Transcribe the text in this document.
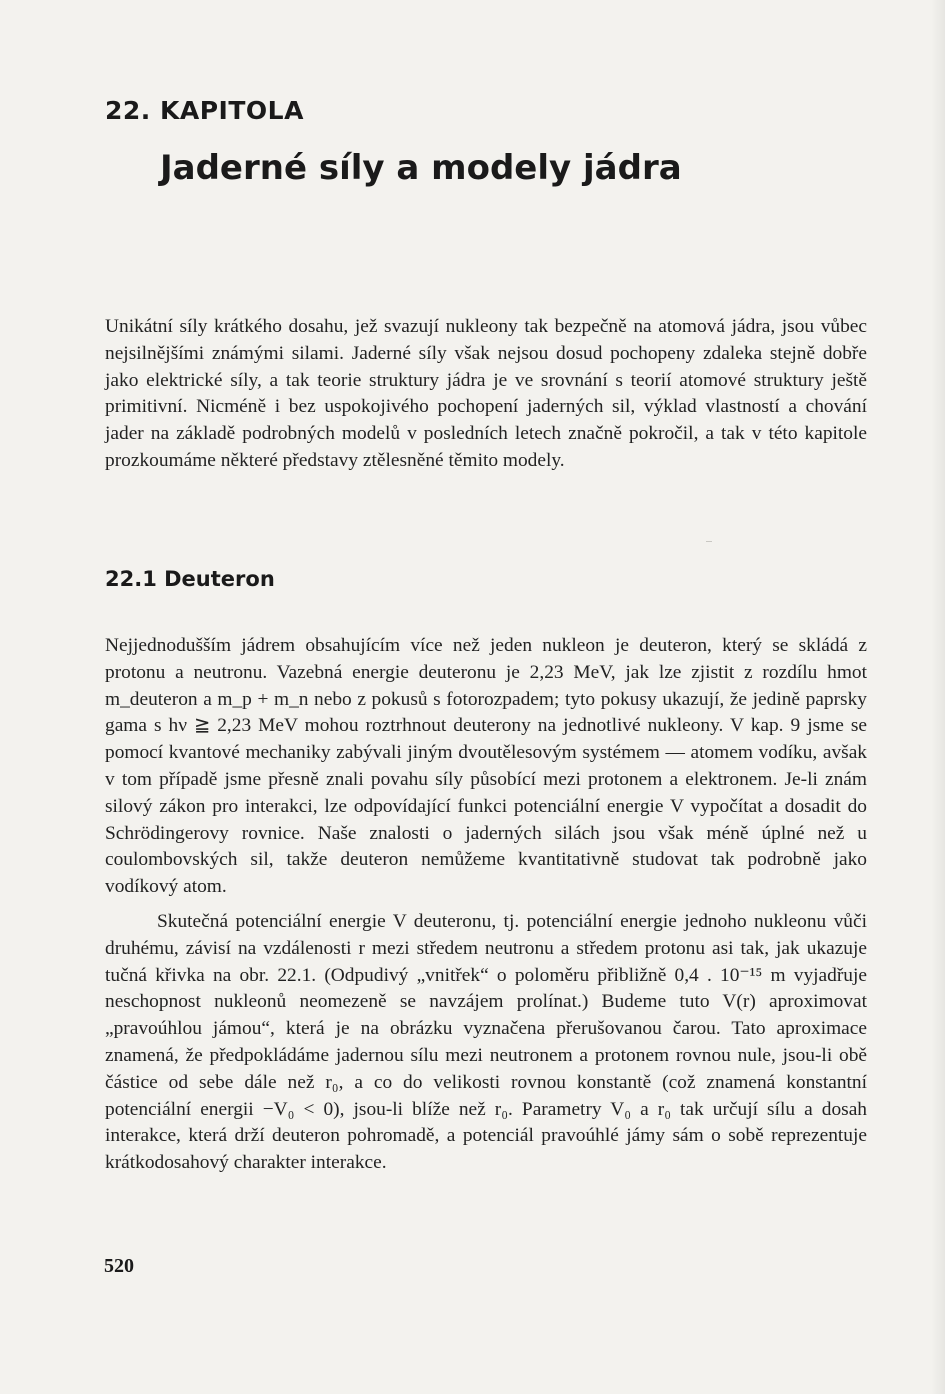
22. KAPITOLA
Jaderné síly a modely jádra

Unikátní síly krátkého dosahu, jež svazují nukleony tak bezpečně na atomová jádra, jsou vůbec nejsilnějšími známými silami. Jaderné síly však nejsou dosud pochopeny zdaleka stejně dobře jako elektrické síly, a tak teorie struktury jádra je ve srovnání s teorií atomové struktury ještě primitivní. Nicméně i bez uspokojivého pochopení jaderných sil, výklad vlastností a chování jader na základě podrobných modelů v posledních letech značně pokročil, a tak v této kapitole prozkoumáme některé představy ztělesněné těmito modely.

22.1 Deuteron

Nejjednodušším jádrem obsahujícím více než jeden nukleon je deuteron, který se skládá z protonu a neutronu. Vazebná energie deuteronu je 2,23 MeV, jak lze zjistit z rozdílu hmot m_deuteron a m_p + m_n nebo z pokusů s fotorozpadem; tyto pokusy ukazují, že jedině paprsky gama s hν ≧ 2,23 MeV mohou roztrhnout deuterony na jednotlivé nukleony. V kap. 9 jsme se pomocí kvantové mechaniky zabývali jiným dvoutělesovým systémem — atomem vodíku, avšak v tom případě jsme přesně znali povahu síly působící mezi protonem a elektronem. Je-li znám silový zákon pro interakci, lze odpovídající funkci potenciální energie V vypočítat a dosadit do Schrödingerovy rovnice. Naše znalosti o jaderných silách jsou však méně úplné než u coulombovských sil, takže deuteron nemůžeme kvantitativně studovat tak podrobně jako vodíkový atom.

Skutečná potenciální energie V deuteronu, tj. potenciální energie jednoho nukleonu vůči druhému, závisí na vzdálenosti r mezi středem neutronu a středem protonu asi tak, jak ukazuje tučná křivka na obr. 22.1. (Odpudivý „vnitřek“ o poloměru přibližně 0,4 . 10⁻¹⁵ m vyjadřuje neschopnost nukleonů neomezeně se navzájem prolínat.) Budeme tuto V(r) aproximovat „pravoúhlou jámou“, která je na obrázku vyznačena přerušovanou čarou. Tato aproximace znamená, že předpokládáme jadernou sílu mezi neutronem a protonem rovnou nule, jsou-li obě částice od sebe dále než r₀, a co do velikosti rovnou konstantě (což znamená konstantní potenciální energii −V₀ < 0), jsou-li blíže než r₀. Parametry V₀ a r₀ tak určují sílu a dosah interakce, která drží deuteron pohromadě, a potenciál pravoúhlé jámy sám o sobě reprezentuje krátkodosahový charakter interakce.

520
